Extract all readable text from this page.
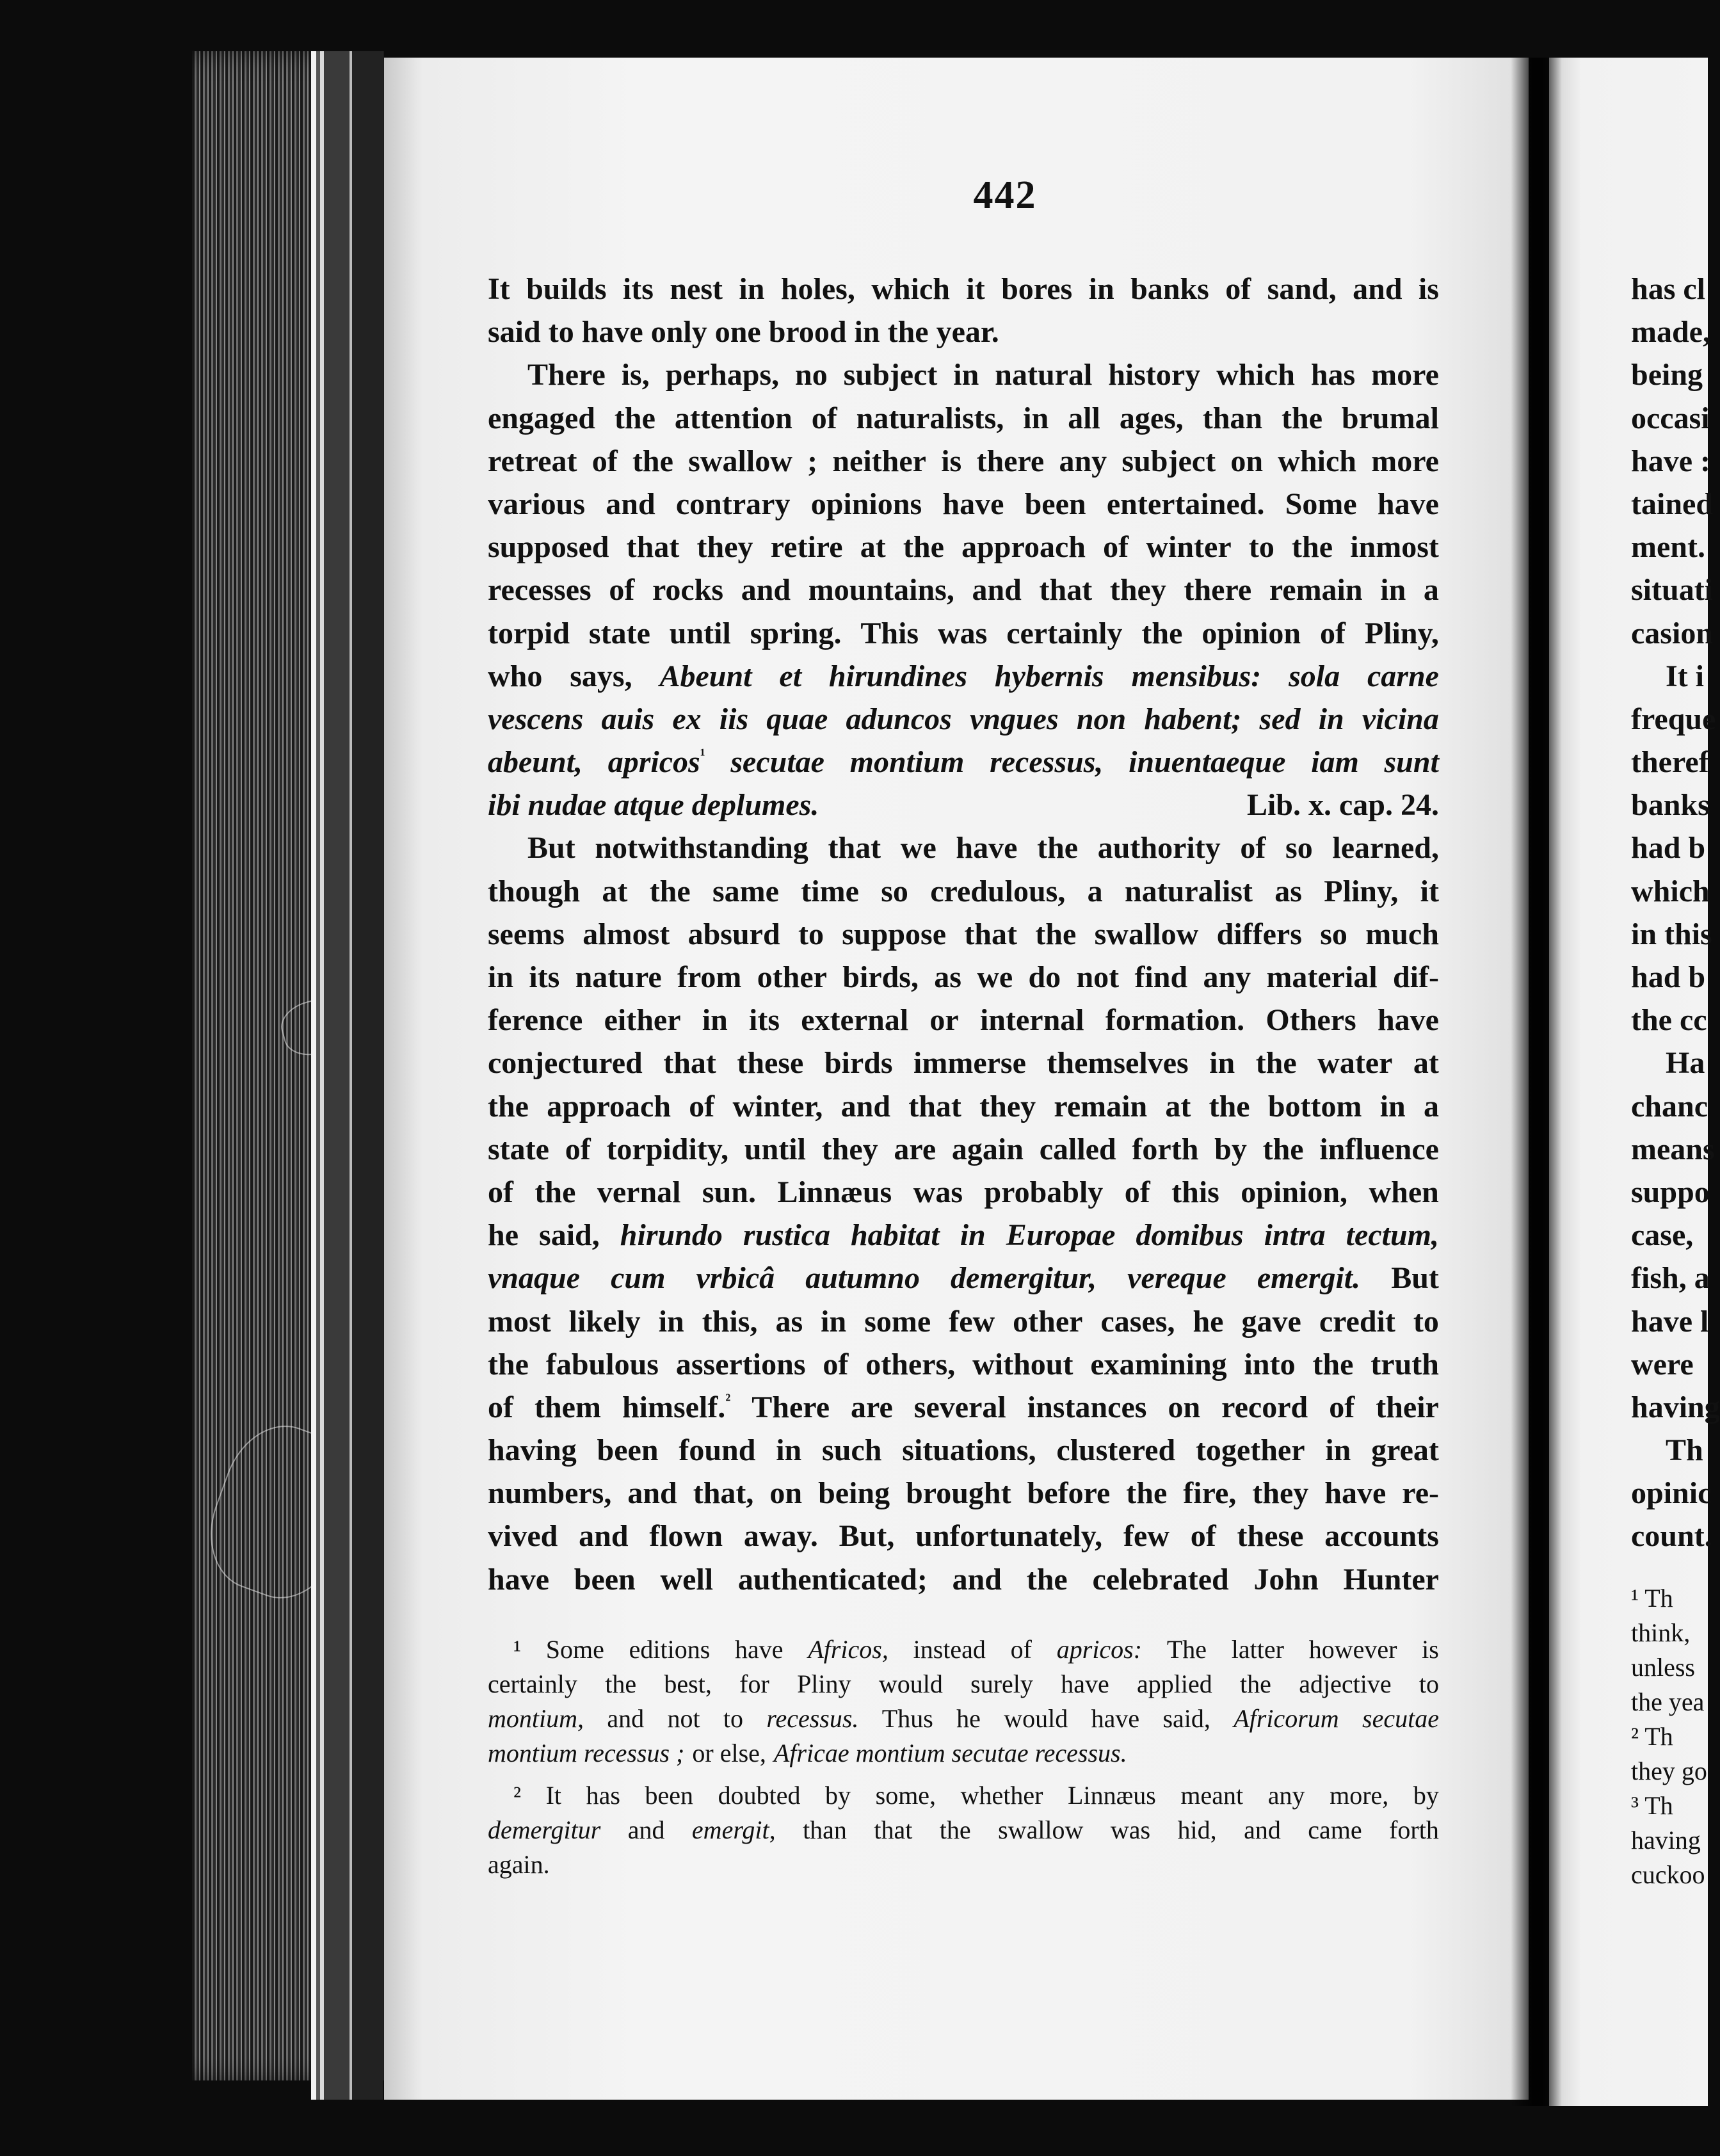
442
It builds its nest in holes, which it bores in banks of sand, and is
said to have only one brood in the year.
There is, perhaps, no subject in natural history which has more
engaged the attention of naturalists, in all ages, than the brumal
retreat of the swallow ; neither is there any subject on which more
various and contrary opinions have been entertained. Some have
supposed that they retire at the approach of winter to the inmost
recesses of rocks and mountains, and that they there remain in a
torpid state until spring. This was certainly the opinion of Pliny,
who says, Abeunt et hirundines hybernis mensibus: sola carne
vescens auis ex iis quae aduncos vngues non habent; sed in vicina
abeunt, apricos$^{^1}$ secutae montium recessus, inuentaeque iam sunt
ibi nudae atque deplumes.	Lib. x. cap. 24.
But notwithstanding that we have the authority of so learned,
though at the same time so credulous, a naturalist as Pliny, it
seems almost absurd to suppose that the swallow differs so much
in its nature from other birds, as we do not find any material dif-
ference either in its external or internal formation. Others have
conjectured that these birds immerse themselves in the water at
the approach of winter, and that they remain at the bottom in a
state of torpidity, until they are again called forth by the influence
of the vernal sun. Linnæus was probably of this opinion, when
he said, hirundo rustica habitat in Europae domibus intra tectum,
vnaque cum vrbicâ autumno demergitur, vereque emergit. But
most likely in this, as in some few other cases, he gave credit to
the fabulous assertions of others, without examining into the truth
of them himself.$^{^2}$ There are several instances on record of their
having been found in such situations, clustered together in great
numbers, and that, on being brought before the fire, they have re-
vived and flown away. But, unfortunately, few of these accounts
have been well authenticated; and the celebrated John Hunter
¹ Some editions have Africos, instead of apricos: The latter however is
certainly the best, for Pliny would surely have applied the adjective to
montium, and not to recessus. Thus he would have said, Africorum secutae
montium recessus ; or else, Africae montium secutae recessus.
² It has been doubted by some, whether Linnæus meant any more, by
demergitur and emergit, than that the swallow was hid, and came forth
again.
has cl
made,
being
occasi
have :
tained
ment.
situati
casion
It i
freque
theref
banks
had b
which
in this
had b
the cc
Ha
chanc
means
suppo
case,
fish, a
have l
were
having
Th
opinic
count.
¹ Th
think,
unless
the yea
² Th
they go
³ Th
having
cuckoo
